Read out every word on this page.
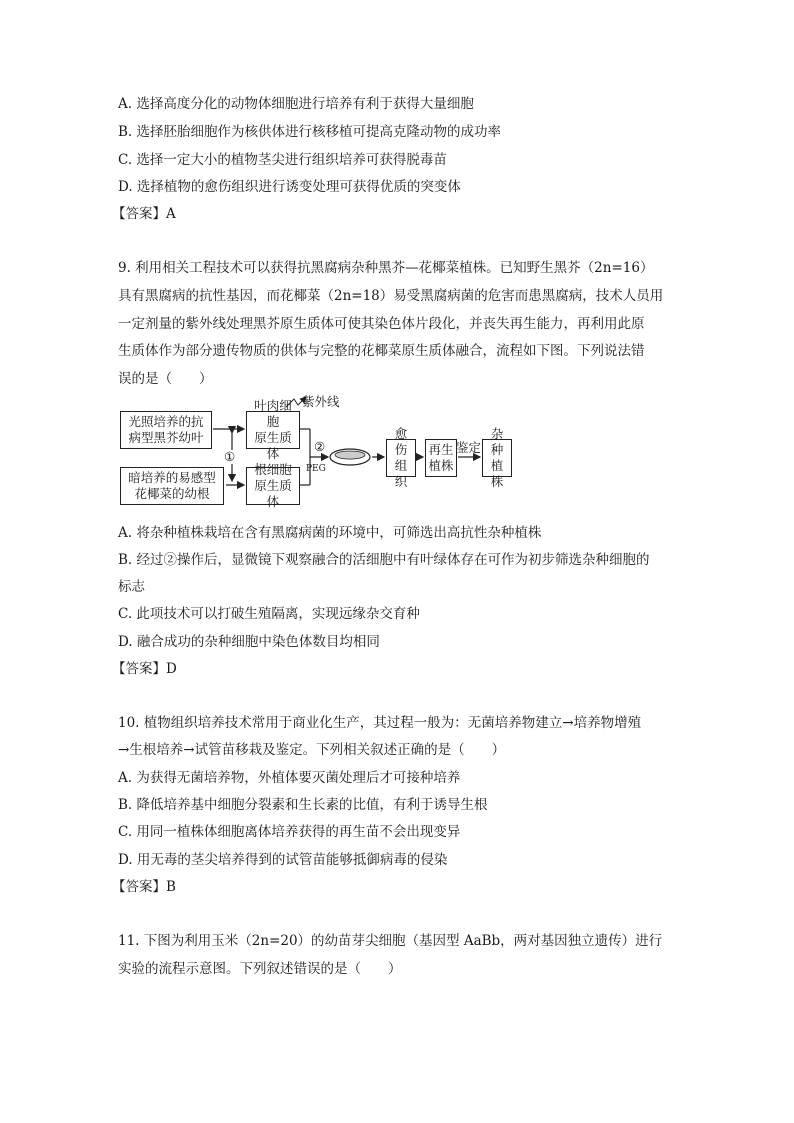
A. 选择高度分化的动物体细胞进行培养有利于获得大量细胞
B. 选择胚胎细胞作为核供体进行核移植可提高克隆动物的成功率
C. 选择一定大小的植物茎尖进行组织培养可获得脱毒苗
D. 选择植物的愈伤组织进行诱变处理可获得优质的突变体
【答案】A
9. 利用相关工程技术可以获得抗黑腐病杂种黑芥—花椰菜植株。已知野生黑芥（2n=16）
具有黑腐病的抗性基因，而花椰菜（2n=18）易受黑腐病菌的危害而患黑腐病，技术人员用
一定剂量的紫外线处理黑芥原生质体可使其染色体片段化，并丧失再生能力，再利用此原
生质体作为部分遗传物质的供体与完整的花椰菜原生质体融合，流程如下图。下列说法错
误的是（　　）
光照培养的抗
病型黑芥幼叶
叶肉细胞
原生质体
紫外线
暗培养的易感型
花椰菜的幼根
根细胞
原生质体
①
②
PEG
愈伤
组织
再生
植株
鉴定
杂种
植株
A. 将杂种植株栽培在含有黑腐病菌的环境中，可筛选出高抗性杂种植株
B. 经过②操作后，显微镜下观察融合的活细胞中有叶绿体存在可作为初步筛选杂种细胞的
标志
C. 此项技术可以打破生殖隔离，实现远缘杂交育种
D. 融合成功的杂种细胞中染色体数目均相同
【答案】D
10. 植物组织培养技术常用于商业化生产，其过程一般为：无菌培养物建立→培养物增殖
→生根培养→试管苗移栽及鉴定。下列相关叙述正确的是（　　）
A. 为获得无菌培养物，外植体要灭菌处理后才可接种培养
B. 降低培养基中细胞分裂素和生长素的比值，有利于诱导生根
C. 用同一植株体细胞离体培养获得的再生苗不会出现变异
D. 用无毒的茎尖培养得到的试管苗能够抵御病毒的侵染
【答案】B
11. 下图为利用玉米（2n=20）的幼苗芽尖细胞（基因型 AaBb，两对基因独立遗传）进行
实验的流程示意图。下列叙述错误的是（　　）
